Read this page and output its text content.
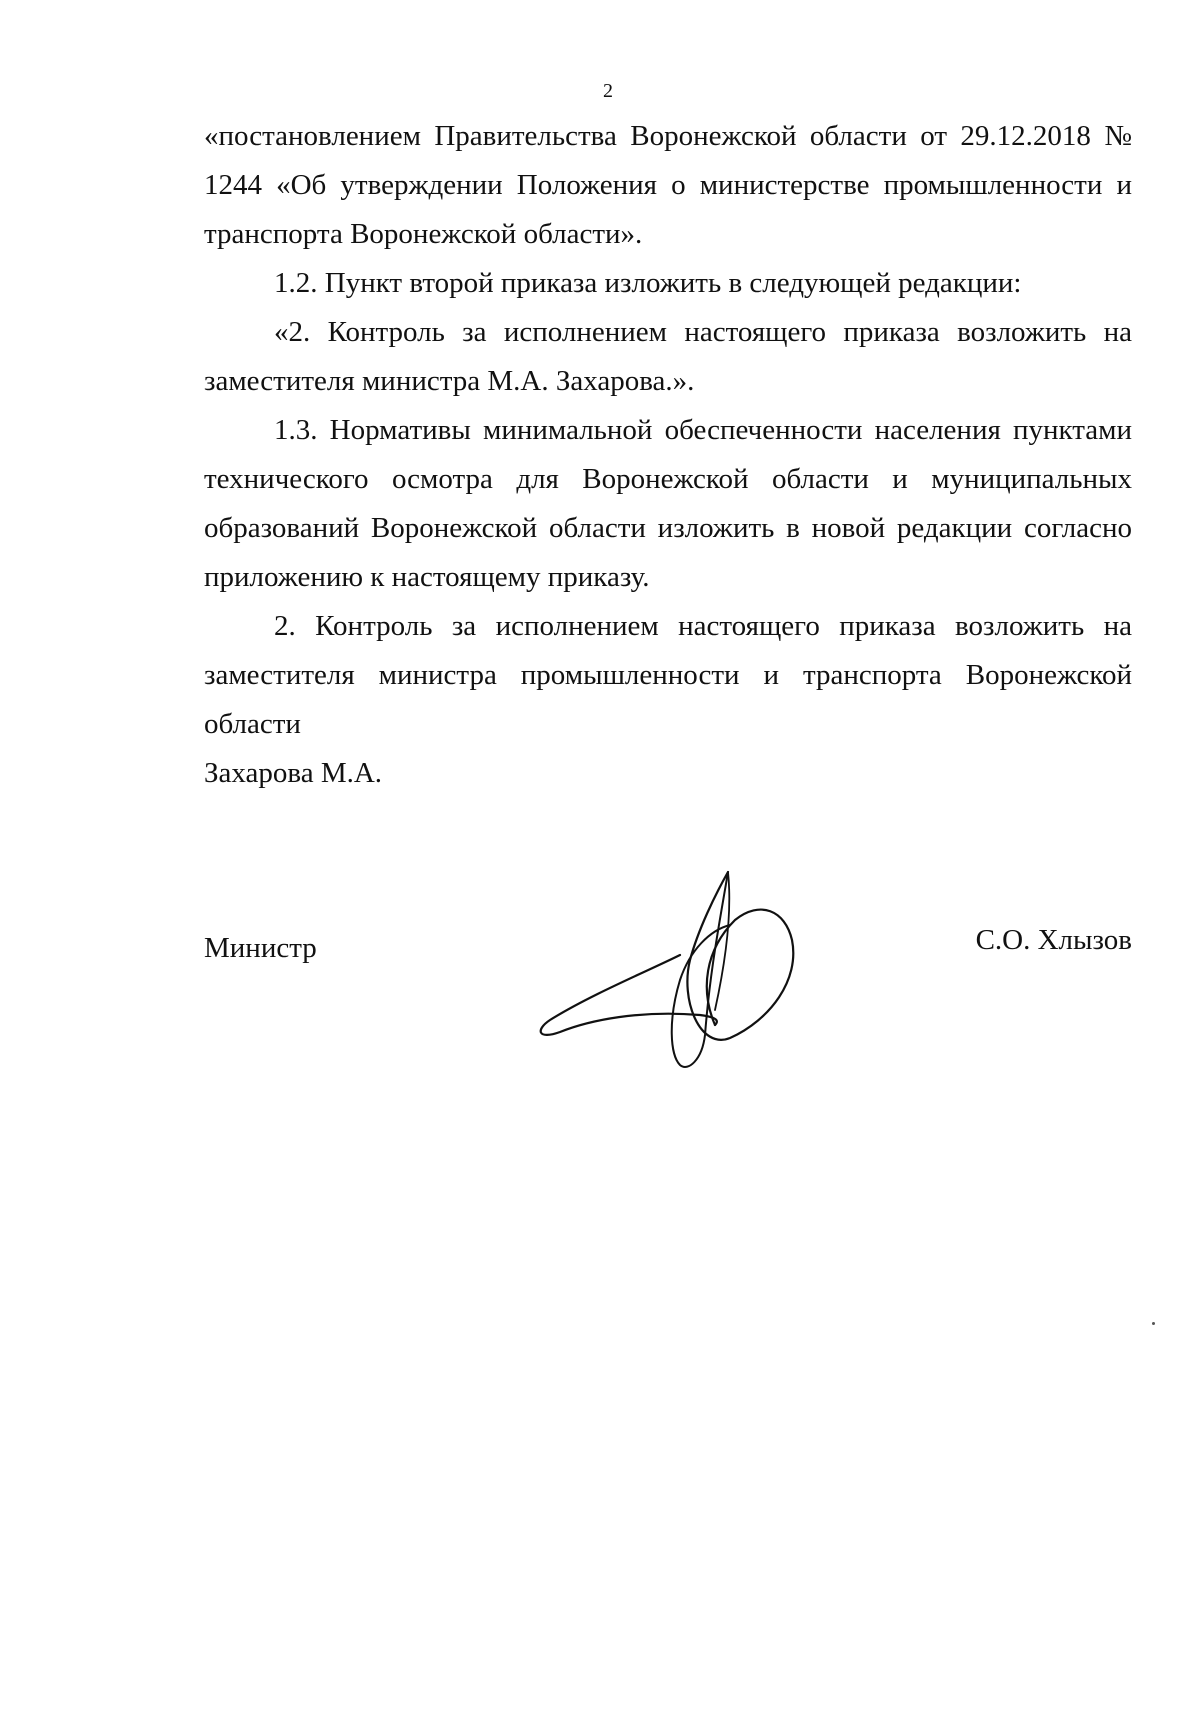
2

«постановлением Правительства Воронежской области от 29.12.2018 №
1244 «Об утверждении Положения о министерстве промышленности и
транспорта Воронежской области».

1.2. Пункт второй приказа изложить в следующей редакции:

«2. Контроль за исполнением настоящего приказа возложить на
заместителя министра М.А. Захарова.».

1.3. Нормативы минимальной обеспеченности населения пунктами
технического осмотра для Воронежской области и муниципальных
образований Воронежской области изложить в новой редакции согласно
приложению к настоящему приказу.

2. Контроль за исполнением настоящего приказа возложить на
заместителя министра промышленности и транспорта Воронежской области
Захарова М.А.

Министр	С.О. Хлызов
